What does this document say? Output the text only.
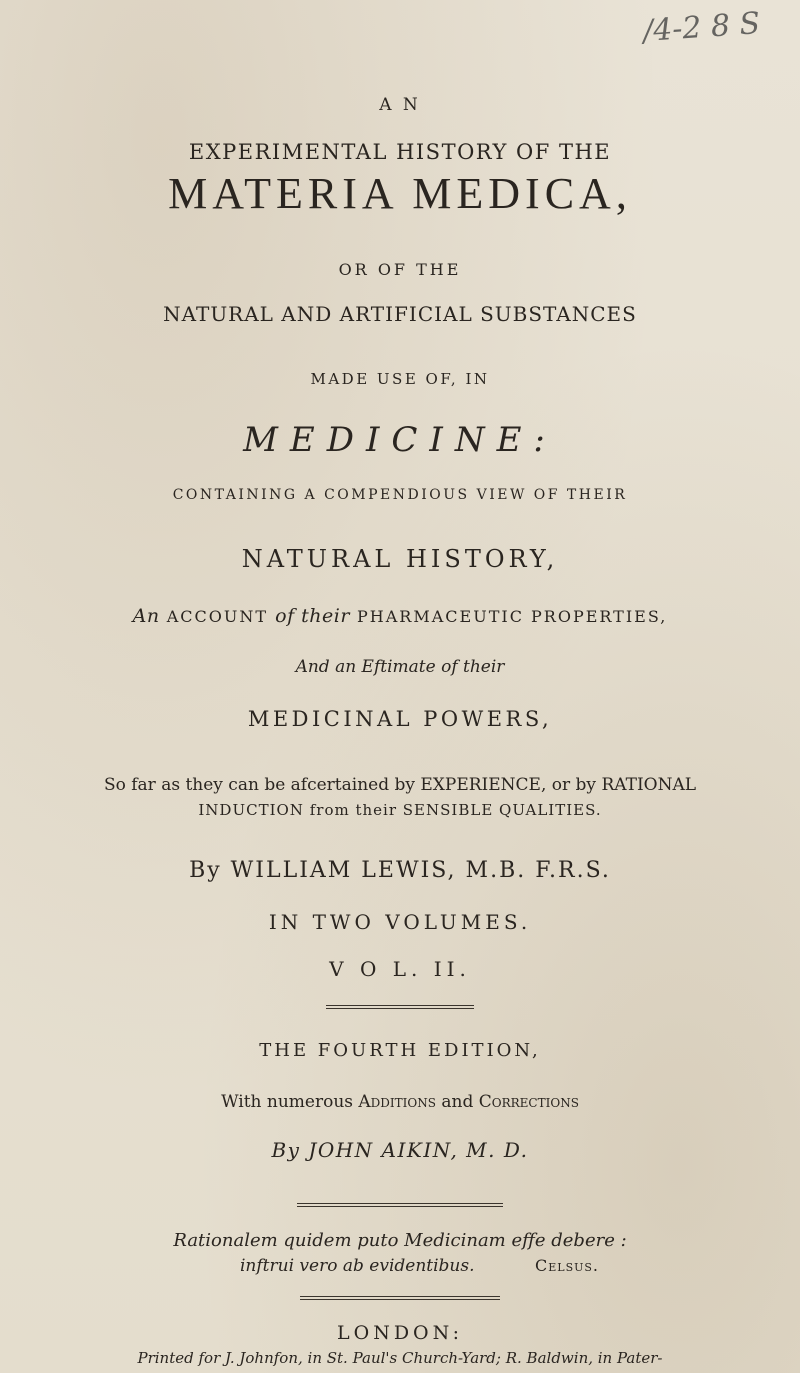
/4-2 8 S
A N
EXPERIMENTAL HISTORY OF THE
MATERIA MEDICA,
OR OF THE
NATURAL AND ARTIFICIAL SUBSTANCES
MADE USE OF, IN
MEDICINE:
CONTAINING A COMPENDIOUS VIEW OF THEIR
NATURAL HISTORY,
An ACCOUNT of their PHARMACEUTIC PROPERTIES,
And an Eftimate of their
MEDICINAL POWERS,
So far as they can be afcertained by EXPERIENCE, or by RATIONAL
INDUCTION from their SENSIBLE QUALITIES.
By WILLIAM LEWIS, M.B. F.R.S.
IN TWO VOLUMES.
V O L. II.
THE FOURTH EDITION,
With numerous Additions and Corrections
By JOHN AIKIN, M. D.
Rationalem quidem puto Medicinam effe debere :
inftrui vero ab evidentibus.	Celsus.
LONDON:
Printed for J. Johnfon, in St. Paul's Church-Yard; R. Baldwin, in Pater-
